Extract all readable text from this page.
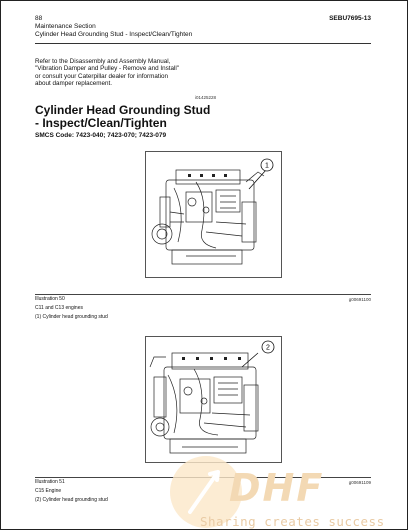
88
Maintenance Section
Cylinder Head Grounding Stud - Inspect/Clean/Tighten
SEBU7695-13
Refer to the Disassembly and Assembly Manual,
"Vibration Damper and Pulley - Remove and Install"
or consult your Caterpillar dealer for information
about damper replacement.
i01425228
Cylinder Head Grounding Stud
- Inspect/Clean/Tighten
SMCS Code: 7423-040; 7423-070; 7423-079
1
Illustration 50
C11 and C13 engines
(1) Cylinder head grounding stud
g00691100
2
Illustration 51
C15 Engine
(2) Cylinder head grounding stud
g00691109
DHF
Sharing creates success
